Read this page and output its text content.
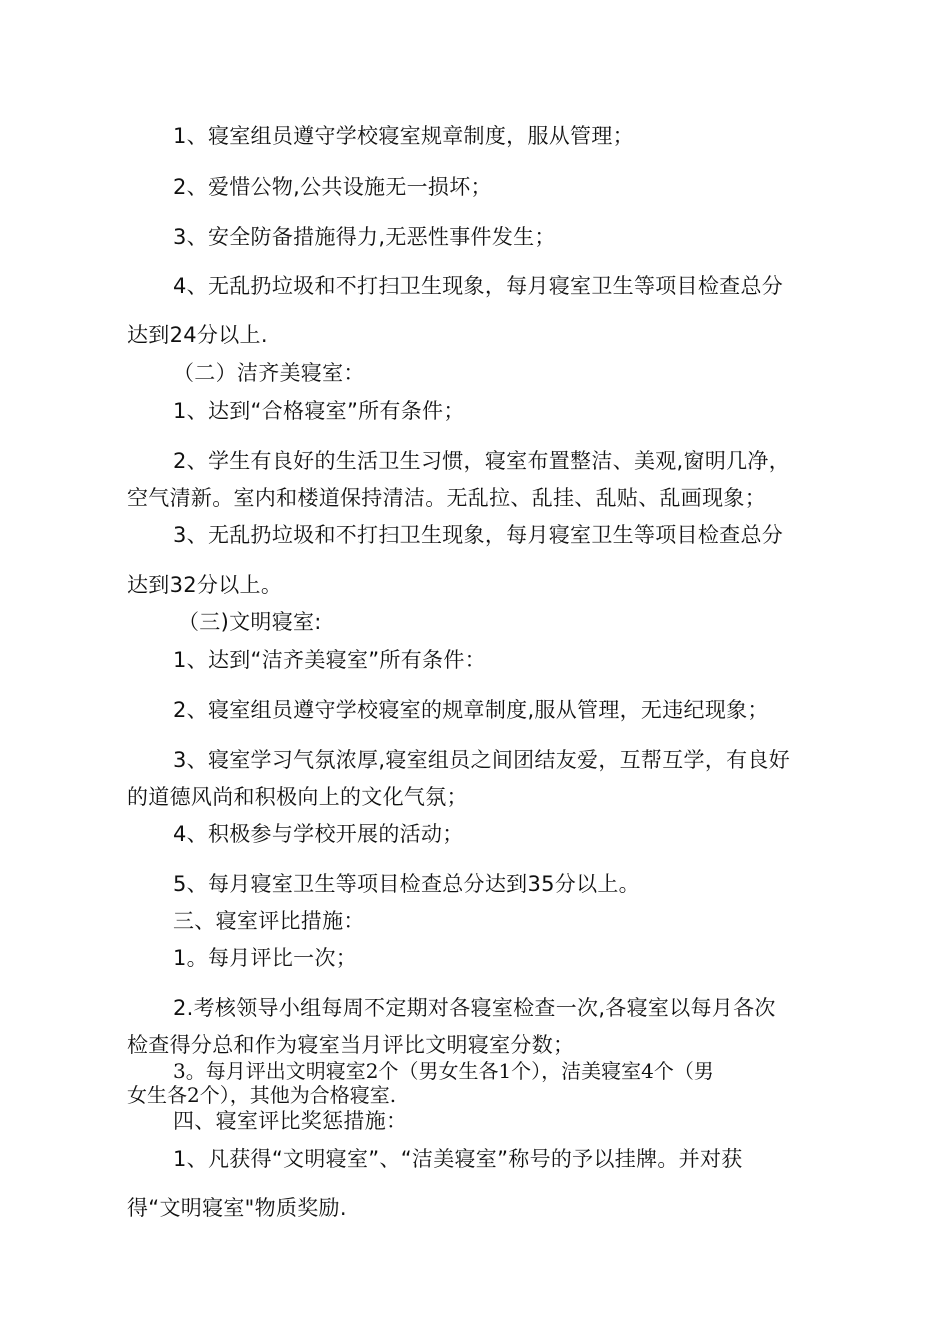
1、寝室组员遵守学校寝室规章制度，服从管理；
2、爱惜公物,公共设施无一损坏；
3、安全防备措施得力,无恶性事件发生；
4、无乱扔垃圾和不打扫卫生现象，每月寝室卫生等项目检查总分
达到24分以上.
（二）洁齐美寝室：
1、达到“合格寝室”所有条件；
2、学生有良好的生活卫生习惯，寝室布置整洁、美观,窗明几净，
空气清新。室内和楼道保持清洁。无乱拉、乱挂、乱贴、乱画现象；
3、无乱扔垃圾和不打扫卫生现象，每月寝室卫生等项目检查总分
达到32分以上。
（三)文明寝室:
1、达到“洁齐美寝室”所有条件：
2、寝室组员遵守学校寝室的规章制度,服从管理，无违纪现象；
3、寝室学习气氛浓厚,寝室组员之间团结友爱，互帮互学，有良好
的道德风尚和积极向上的文化气氛；
4、积极参与学校开展的活动；
5、每月寝室卫生等项目检查总分达到35分以上。
三、寝室评比措施：
1。每月评比一次；
2.考核领导小组每周不定期对各寝室检查一次,各寝室以每月各次
检查得分总和作为寝室当月评比文明寝室分数；
3。每月评出文明寝室2个（男女生各1个），洁美寝室4个（男
女生各2个），其他为合格寝室.
四、寝室评比奖惩措施：
1、凡获得“文明寝室”、“洁美寝室”称号的予以挂牌。并对获
得“文明寝室"物质奖励.
